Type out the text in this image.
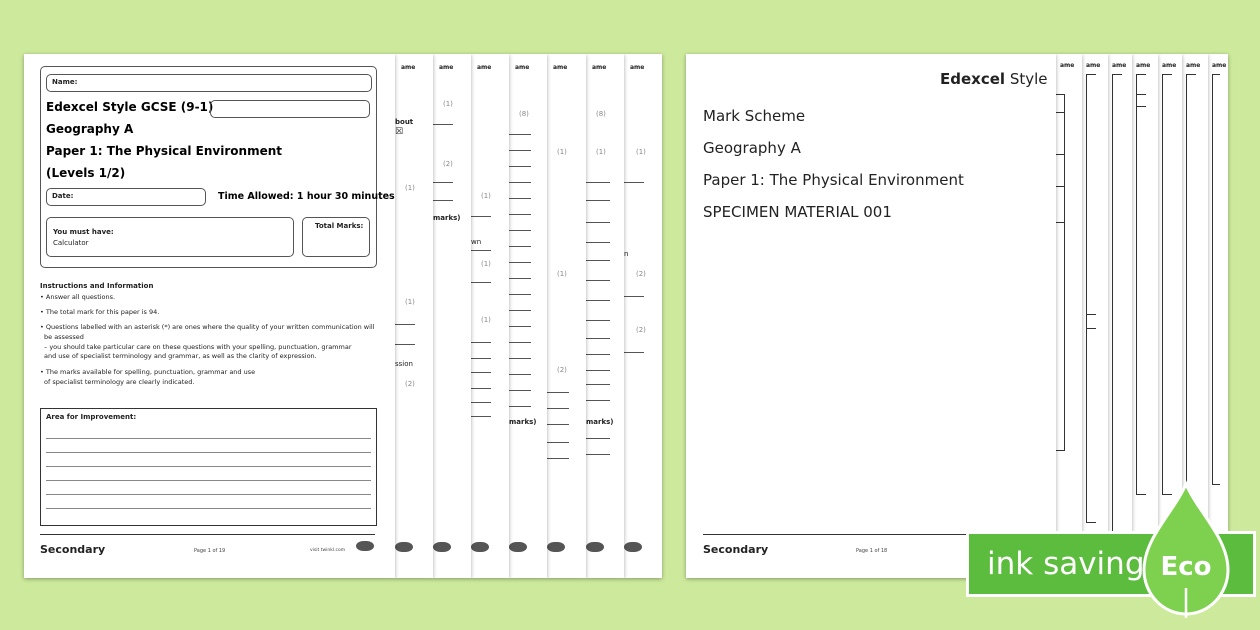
ame
(1)
n
(2)
(2)
ame
(8)
(1)
marks)
ame
(1)
(1)
(2)
ame
(8)
marks)
ame
(1)
wn
(1)
(1)
ame
(1)
(2)
marks)
ame
bout
☒
(1)
(1)
ssion
(2)
Name:
Edexcel Style GCSE (9-1)
Geography A
Paper 1: The Physical Environment
(Levels 1/2)
Date:	Time Allowed: 1 hour 30 minutes
You must have:
Calculator
Total Marks:
Instructions and Information
• Answer all questions.
• The total mark for this paper is 94.
• Questions labelled with an asterisk (*) are ones where the quality of your written communication will
be assessed
– you should take particular care on these questions with your spelling, punctuation, grammar
and use of specialist terminology and grammar, as well as the clarity of expression.
• The marks available for spelling, punctuation, grammar and use
of specialist terminology are clearly indicated.
Area for Improvement:
Secondary	Page 1 of 19	visit twinkl.com
ame
ame
ame
ame
ame
ame
ame
Edexcel Style
Mark Scheme
Geography A
Paper 1: The Physical Environment
SPECIMEN MATERIAL 001
Secondary	Page 1 of 18	ink saving Eco
